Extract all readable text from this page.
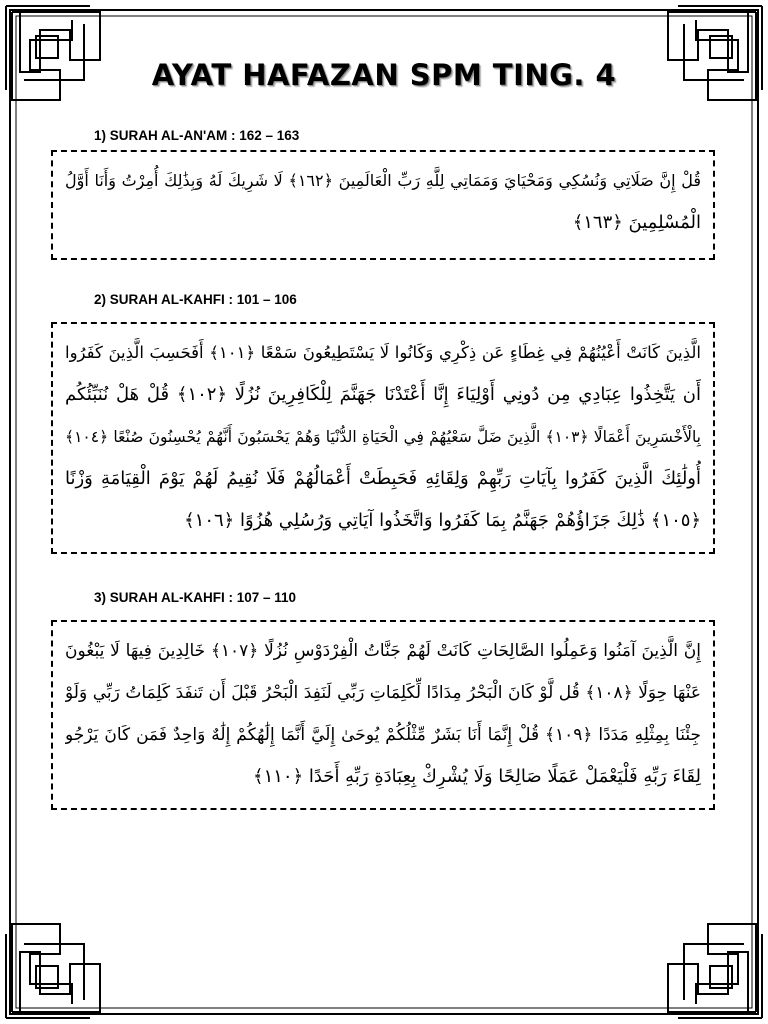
AYAT HAFAZAN SPM TING. 4
1) SURAH AL-AN'AM : 162 – 163
قُلْ إِنَّ صَلَاتِي وَنُسُكِي وَمَحْيَايَ وَمَمَاتِي لِلَّهِ رَبِّ الْعَالَمِينَ ﴿١٦٢﴾ لَا شَرِيكَ لَهُ وَبِذَٰلِكَ أُمِرْتُ وَأَنَا أَوَّلُ
الْمُسْلِمِينَ ﴿١٦٣﴾
2) SURAH AL-KAHFI : 101 – 106
الَّذِينَ كَانَتْ أَعْيُنُهُمْ فِي غِطَاءٍ عَن ذِكْرِي وَكَانُوا لَا يَسْتَطِيعُونَ سَمْعًا ﴿١٠١﴾ أَفَحَسِبَ الَّذِينَ كَفَرُوا
أَن يَتَّخِذُوا عِبَادِي مِن دُونِي أَوْلِيَاءَ إِنَّا أَعْتَدْنَا جَهَنَّمَ لِلْكَافِرِينَ نُزُلًا ﴿١٠٢﴾ قُلْ هَلْ نُنَبِّئُكُم
بِالْأَخْسَرِينَ أَعْمَالًا ﴿١٠٣﴾ الَّذِينَ ضَلَّ سَعْيُهُمْ فِي الْحَيَاةِ الدُّنْيَا وَهُمْ يَحْسَبُونَ أَنَّهُمْ يُحْسِنُونَ صُنْعًا ﴿١٠٤﴾
أُولَٰئِكَ الَّذِينَ كَفَرُوا بِآيَاتِ رَبِّهِمْ وَلِقَائِهِ فَحَبِطَتْ أَعْمَالُهُمْ فَلَا نُقِيمُ لَهُمْ يَوْمَ الْقِيَامَةِ وَزْنًا
﴿١٠٥﴾ ذَٰلِكَ جَزَاؤُهُمْ جَهَنَّمُ بِمَا كَفَرُوا وَاتَّخَذُوا آيَاتِي وَرُسُلِي هُزُوًا ﴿١٠٦﴾
3) SURAH AL-KAHFI : 107 – 110
إِنَّ الَّذِينَ آمَنُوا وَعَمِلُوا الصَّالِحَاتِ كَانَتْ لَهُمْ جَنَّاتُ الْفِرْدَوْسِ نُزُلًا ﴿١٠٧﴾ خَالِدِينَ فِيهَا لَا يَبْغُونَ
عَنْهَا حِوَلًا ﴿١٠٨﴾ قُل لَّوْ كَانَ الْبَحْرُ مِدَادًا لِّكَلِمَاتِ رَبِّي لَنَفِدَ الْبَحْرُ قَبْلَ أَن تَنفَدَ كَلِمَاتُ رَبِّي وَلَوْ
جِئْنَا بِمِثْلِهِ مَدَدًا ﴿١٠٩﴾ قُلْ إِنَّمَا أَنَا بَشَرٌ مِّثْلُكُمْ يُوحَىٰ إِلَيَّ أَنَّمَا إِلَٰهُكُمْ إِلَٰهٌ وَاحِدٌ فَمَن كَانَ يَرْجُو
لِقَاءَ رَبِّهِ فَلْيَعْمَلْ عَمَلًا صَالِحًا وَلَا يُشْرِكْ بِعِبَادَةِ رَبِّهِ أَحَدًا ﴿١١٠﴾
